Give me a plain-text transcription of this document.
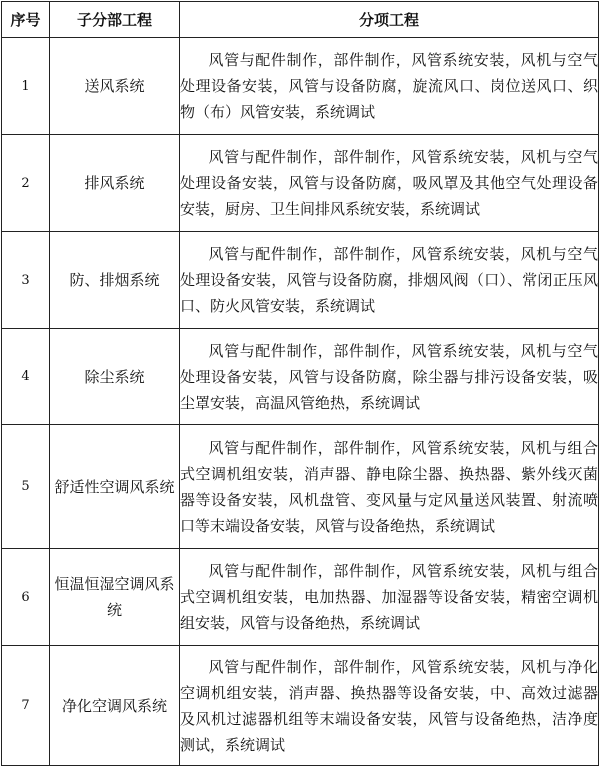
序号	子分部工程	分项工程
1	送风系统	风管与配件制作，部件制作，风管系统安装，风机与空气处理设备安装，风管与设备防腐，旋流风口、岗位送风口、织物（布）风管安装，系统调试

2	排风系统	风管与配件制作，部件制作，风管系统安装，风机与空气处理设备安装，风管与设备防腐，吸风罩及其他空气处理设备安装，厨房、卫生间排风系统安装，系统调试

3	防、排烟系统	风管与配件制作，部件制作，风管系统安装，风机与空气处理设备安装，风管与设备防腐，排烟风阀（口）、常闭正压风口、防火风管安装，系统调试

4	除尘系统	风管与配件制作，部件制作，风管系统安装，风机与空气处理设备安装，风管与设备防腐，除尘器与排污设备安装，吸尘罩安装，高温风管绝热，系统调试

5	舒适性空调风系统	风管与配件制作，部件制作，风管系统安装，风机与组合式空调机组安装，消声器、静电除尘器、换热器、紫外线灭菌器等设备安装，风机盘管、变风量与定风量送风装置、射流喷口等末端设备安装，风管与设备绝热，系统调试

6	恒温恒湿空调风系统	风管与配件制作，部件制作，风管系统安装，风机与组合式空调机组安装，电加热器、加湿器等设备安装，精密空调机组安装，风管与设备绝热，系统调试

7	净化空调风系统	风管与配件制作，部件制作，风管系统安装，风机与净化空调机组安装，消声器、换热器等设备安装，中、高效过滤器及风机过滤器机组等末端设备安装，风管与设备绝热，洁净度测试，系统调试
